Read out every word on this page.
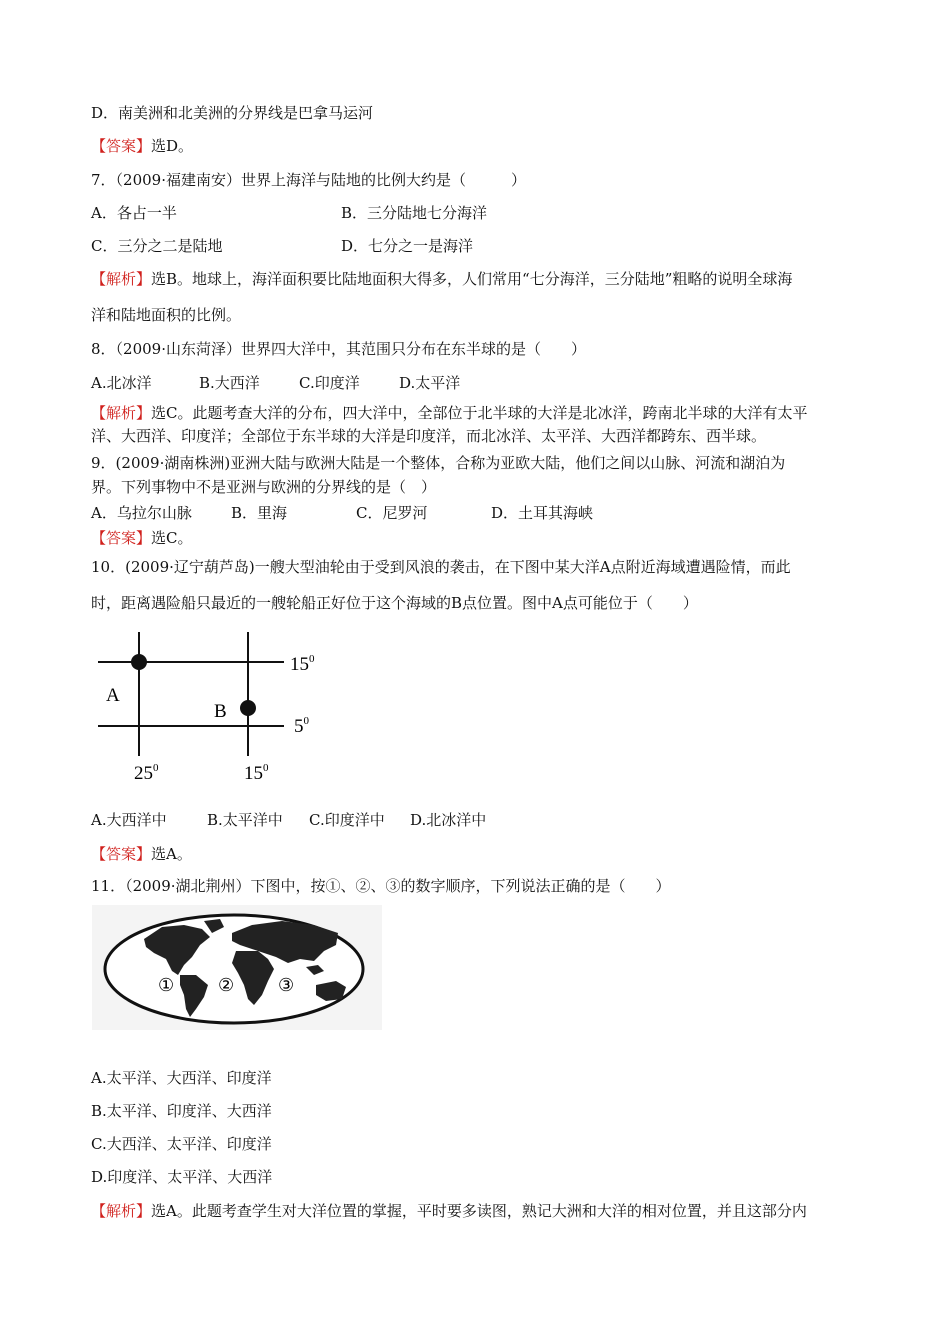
D．南美洲和北美洲的分界线是巴拿马运河
【答案】选D。
7．（2009·福建南安）世界上海洋与陆地的比例大约是（　　　）
A．各占一半	B．三分陆地七分海洋
C．三分之二是陆地	D．七分之一是海洋
【解析】选B。地球上，海洋面积要比陆地面积大得多，人们常用“七分海洋，三分陆地”粗略的说明全球海
洋和陆地面积的比例。
8．（2009·山东菏泽）世界四大洋中，其范围只分布在东半球的是（　　）
A.北冰洋	B.大西洋	C.印度洋	D.太平洋
【解析】选C。此题考查大洋的分布，四大洋中，全部位于北半球的大洋是北冰洋，跨南北半球的大洋有太平
洋、大西洋、印度洋；全部位于东半球的大洋是印度洋，而北冰洋、太平洋、大西洋都跨东、西半球。
9．(2009·湖南株洲)亚洲大陆与欧洲大陆是一个整体，合称为亚欧大陆，他们之间以山脉、河流和湖泊为
界。下列事物中不是亚洲与欧洲的分界线的是（　）
A．乌拉尔山脉	B．里海	C．尼罗河	D．土耳其海峡
【答案】选C。
10．(2009·辽宁葫芦岛)一艘大型油轮由于受到风浪的袭击，在下图中某大洋A点附近海域遭遇险情，而此
时，距离遇险船只最近的一艘轮船正好位于这个海域的B点位置。图中A点可能位于（　　）
A
B
$15^0$
$5^0$
$25^0$	$15^0$
A.大西洋中	B.太平洋中 C.印度洋中 D.北冰洋中
【答案】选A。
11．（2009·湖北荆州）下图中，按①、②、③的数字顺序，下列说法正确的是（　　）
① ② ③
A.太平洋、大西洋、印度洋
B.太平洋、印度洋、大西洋
C.大西洋、太平洋、印度洋
D.印度洋、太平洋、大西洋
【解析】选A。此题考查学生对大洋位置的掌握，平时要多读图，熟记大洲和大洋的相对位置，并且这部分内
